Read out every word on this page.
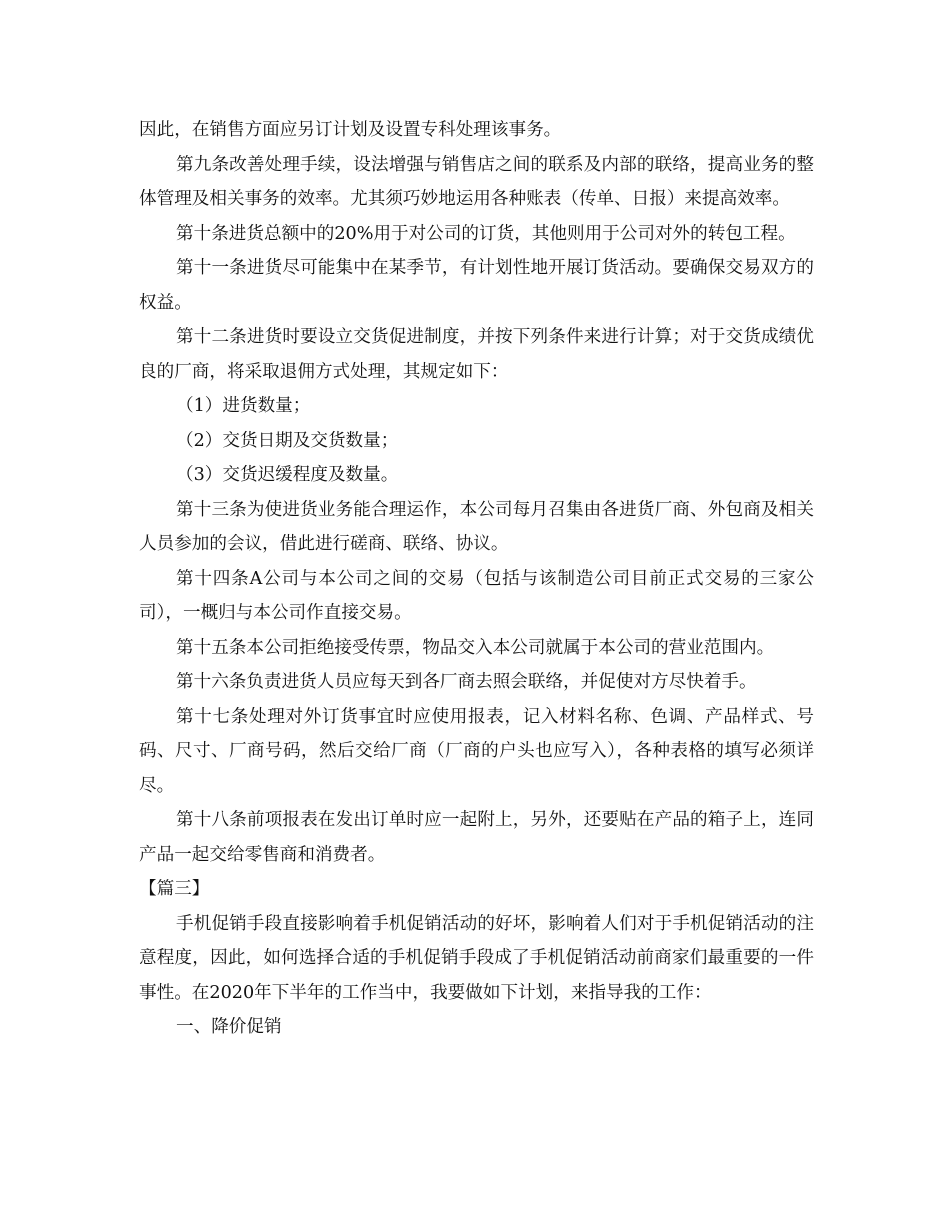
因此，在销售方面应另订计划及设置专科处理该事务。

第九条改善处理手续，设法增强与销售店之间的联系及内部的联络，提高业务的整体管理及相关事务的效率。尤其须巧妙地运用各种账表（传单、日报）来提高效率。

第十条进货总额中的20%用于对公司的订货，其他则用于公司对外的转包工程。

第十一条进货尽可能集中在某季节，有计划性地开展订货活动。要确保交易双方的权益。

第十二条进货时要设立交货促进制度，并按下列条件来进行计算；对于交货成绩优良的厂商，将采取退佣方式处理，其规定如下：

（1）进货数量；

（2）交货日期及交货数量；

（3）交货迟缓程度及数量。

第十三条为使进货业务能合理运作，本公司每月召集由各进货厂商、外包商及相关人员参加的会议，借此进行磋商、联络、协议。

第十四条A公司与本公司之间的交易（包括与该制造公司目前正式交易的三家公司），一概归与本公司作直接交易。

第十五条本公司拒绝接受传票，物品交入本公司就属于本公司的营业范围内。

第十六条负责进货人员应每天到各厂商去照会联络，并促使对方尽快着手。

第十七条处理对外订货事宜时应使用报表，记入材料名称、色调、产品样式、号码、尺寸、厂商号码，然后交给厂商（厂商的户头也应写入），各种表格的填写必须详尽。

第十八条前项报表在发出订单时应一起附上，另外，还要贴在产品的箱子上，连同产品一起交给零售商和消费者。

【篇三】

手机促销手段直接影响着手机促销活动的好坏，影响着人们对于手机促销活动的注意程度，因此，如何选择合适的手机促销手段成了手机促销活动前商家们最重要的一件事性。在2020年下半年的工作当中，我要做如下计划，来指导我的工作：

一、降价促销
